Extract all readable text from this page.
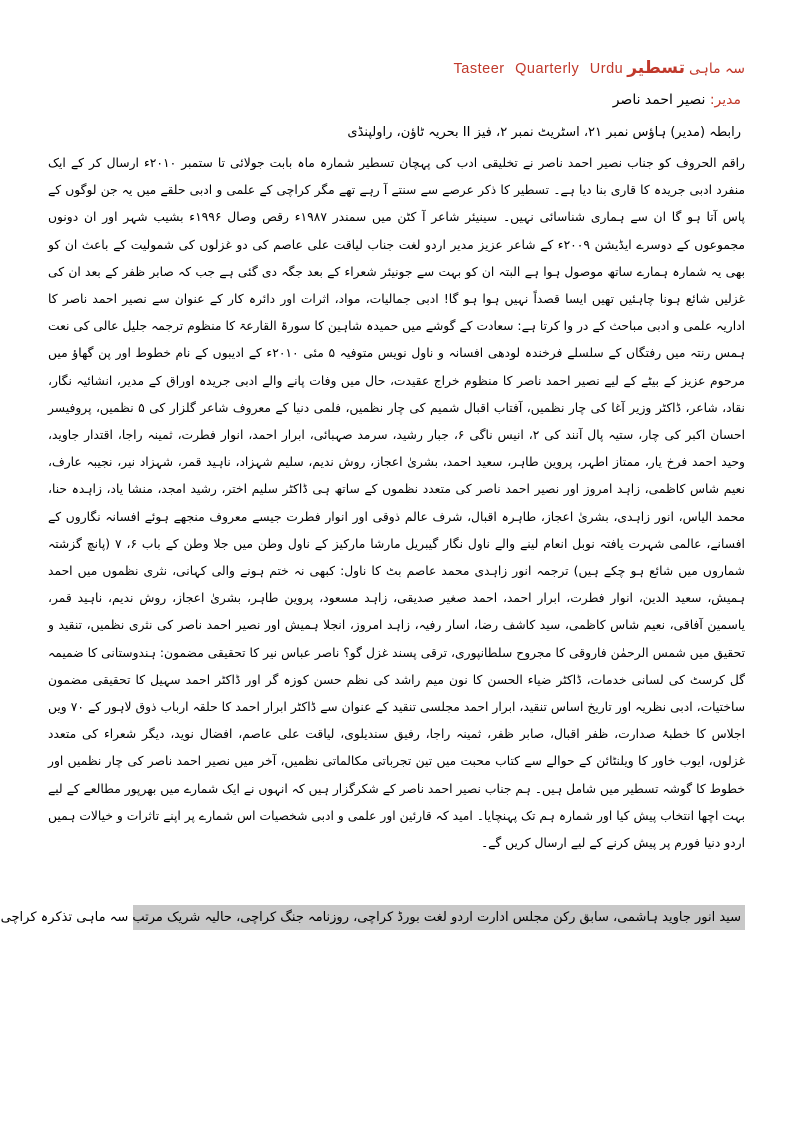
سہ ماہی
تسطیر
Tasteer Quarterly Urdu
مدیر: نصیر احمد ناصر
رابطہ (مدیر) ہاؤس نمبر ۲۱، اسٹریٹ نمبر ۲، فیز II بحریہ ٹاؤن، راولپنڈی

راقم الحروف کو جناب نصیر احمد ناصر نے تخلیقی ادب کی پہچان تسطیر شمارہ ماہ بابت جولائی تا ستمبر ۲۰۱۰ء ارسال کر کے ایک منفرد ادبی جریدہ کا قاری بنا دیا ہے۔ تسطیر کا ذکر عرصے سے سنتے آ رہے تھے مگر کراچی کے علمی و ادبی حلقے میں یہ جن لوگوں کے پاس آتا ہو گا ان سے ہماری شناسائی نہیں۔ سینیئر شاعر آ کٹن میں سمندر ۱۹۸۷ء رقص وصال ۱۹۹۶ء بشیب شہر اور ان دونوں مجموعوں کے دوسرے ایڈیشن ۲۰۰۹ء کے شاعر عزیز مدیر اردو لغت جناب لیاقت علی عاصم کی دو غزلوں کی شمولیت کے باعث ان کو بھی یہ شمارہ ہمارے ساتھ موصول ہوا ہے البتہ ان کو بہت سے جونیئر شعراء کے بعد جگہ دی گئی ہے جب کہ صابر ظفر کے بعد ان کی غزلیں شائع ہونا چاہئیں تھیں ایسا قصداً نہیں ہوا ہو گا! ادبی جمالیات، مواد، اثرات اور دائرہ کار کے عنوان سے نصیر احمد ناصر کا اداریہ علمی و ادبی مباحث کے در وا کرتا ہے: سعادت کے گوشے میں حمیدہ شاہین کا سورۃ القارعۃ کا منظوم ترجمہ جلیل عالی کی نعت ہمس رنتہ میں رفتگاں کے سلسلے فرخندہ لودھی افسانہ و ناول نویس متوفیہ ۵ مئی ۲۰۱۰ء کے ادیبوں کے نام خطوط اور پن گھاؤ میں مرحوم عزیز کے بیٹے کے لیے نصیر احمد ناصر کا منظوم خراج عقیدت، حال میں وفات پانے والے ادبی جریدہ اوراق کے مدیر، انشائیہ نگار، نقاد، شاعر، ڈاکٹر وزیر آغا کی چار نظمیں، آفتاب اقبال شمیم کی چار نظمیں، فلمی دنیا کے معروف شاعر گلزار کی ۵ نظمیں، پروفیسر احسان اکبر کی چار، ستیہ پال آنند کی ۲، انیس ناگی ۶، جبار رشید، سرمد صہبائی، ابرار احمد، انوار فطرت، ثمینہ راجا، اقتدار جاوید، وحید احمد فرخ یار، ممتاز اطہر، پروین طاہر، سعید احمد، بشریٰ اعجاز، روش ندیم، سلیم شہزاد، ناہید قمر، شہزاد نیر، نجیبہ عارف، نعیم شاس کاظمی، زاہد امروز اور نصیر احمد ناصر کی متعدد نظموں کے ساتھ ہی ڈاکٹر سلیم اختر، رشید امجد، منشا یاد، زاہدہ حنا، محمد الیاس، انور زاہدی، بشریٰ اعجاز، طاہرہ اقبال، شرف عالم ذوقی اور انوار فطرت جیسے معروف منجھے ہوئے افسانہ نگاروں کے افسانے، عالمی شہرت یافتہ نوبل انعام لینے والے ناول نگار گیبریل مارشا مارکیز کے ناول وطن میں جلا وطن کے باب ۶، ۷ (پانچ گزشتہ شماروں میں شائع ہو چکے ہیں) ترجمہ انور زاہدی محمد عاصم بٹ کا ناول: کبھی نہ ختم ہونے والی کہانی، نثری نظموں میں احمد ہمیش، سعید الدین، انوار فطرت، ابرار احمد، احمد صغیر صدیقی، زاہد مسعود، پروین طاہر، بشریٰ اعجاز، روش ندیم، ناہید قمر، یاسمین آفاقی، نعیم شاس کاظمی، سید کاشف رضا، اسار رفیہ، زاہد امروز، انجلا ہمیش اور نصیر احمد ناصر کی نثری نظمیں، تنقید و تحقیق میں شمس الرحمٰن فاروقی کا مجروح سلطانپوری، ترقی پسند غزل گو؟ ناصر عباس نیر کا تحقیقی مضمون: ہندوستانی کا ضمیمہ گل کرسٹ کی لسانی خدمات، ڈاکٹر ضیاء الحسن کا نون میم راشد کی نظم حسن کوزہ گر اور ڈاکٹر احمد سہیل کا تحقیقی مضمون ساختیات، ادبی نظریہ اور تاریخ اساس تنقید، ابرار احمد مجلسی تنقید کے عنوان سے ڈاکٹر ابرار احمد کا حلقہ ارباب ذوق لاہور کے ۷۰ ویں اجلاس کا خطبۂ صدارت، ظفر اقبال، صابر ظفر، ثمینہ راجا، رفیق سندیلوی، لیاقت علی عاصم، افضال نوید، دیگر شعراء کی متعدد غزلوں، ایوب خاور کا ویلنٹائن کے حوالے سے کتاب محبت میں تین تجرباتی مکالماتی نظمیں، آخر میں نصیر احمد ناصر کی چار نظمیں اور خطوط کا گوشہ تسطیر میں شامل ہیں۔ ہم جناب نصیر احمد ناصر کے شکرگزار ہیں کہ انہوں نے ایک شمارے میں بھرپور مطالعے کے لیے بہت اچھا انتخاب پیش کیا اور شمارہ ہم تک پہنچایا۔ امید کہ قارئین اور علمی و ادبی شخصیات اس شمارے پر اپنے تاثرات و خیالات ہمیں اردو دنیا فورم پر پیش کرنے کے لیے ارسال کریں گے۔

سید انور جاوید ہاشمی، سابق رکن مجلس ادارت اردو لغت بورڈ کراچی، روزنامہ جنگ کراچی، حالیہ شریک مرتب سہ ماہی تذکرہ کراچی
